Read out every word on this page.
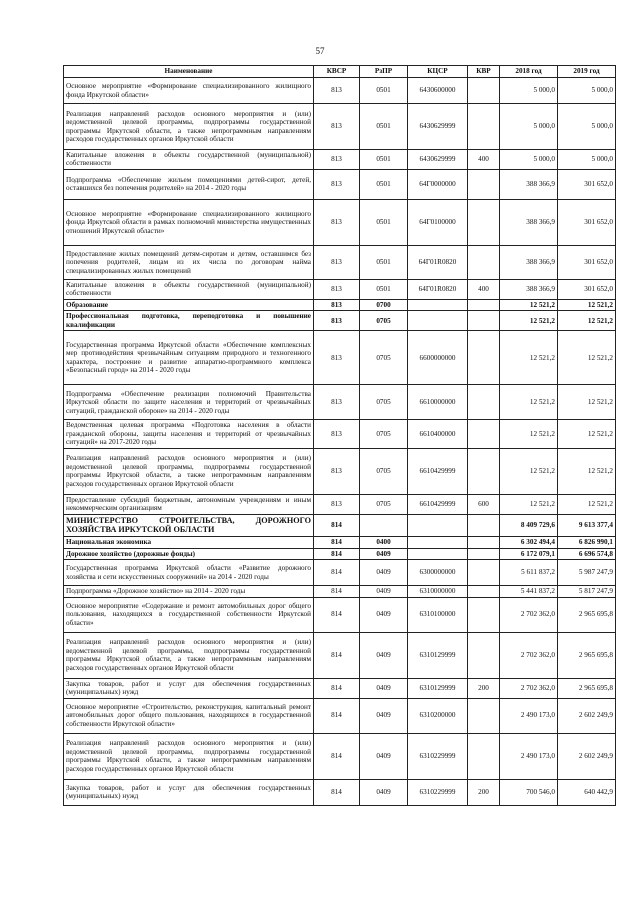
57
Наименование	КВСР	РзПР	КЦСР	КВР	2018 год	2019 год
Основное мероприятие «Формирование специализированного жилищного фонда Иркутской области»	813	0501	6430600000		5 000,0	5 000,0
Реализация направлений расходов основного мероприятия и (или) ведомственной целевой программы, подпрограммы государственной программы Иркутской области, а также непрограммным направлениям расходов государственных органов Иркутской области	813	0501	6430629999		5 000,0	5 000,0
Капитальные вложения в объекты государственной (муниципальной) собственности	813	0501	6430629999	400	5 000,0	5 000,0
Подпрограмма «Обеспечение жильем помещениями детей-сирот, детей, оставшихся без попечения родителей» на 2014 - 2020 годы	813	0501	64Г0000000		388 366,9	301 652,0
Основное мероприятие «Формирование специализированного жилищного фонда Иркутской области в рамках полномочий министерства имущественных отношений Иркутской области»	813	0501	64Г0100000		388 366,9	301 652,0
Предоставление жилых помещений детям-сиротам и детям, оставшимся без попечения родителей, лицам из их числа по договорам найма специализированных жилых помещений	813	0501	64Г01R0820		388 366,9	301 652,0
Капитальные вложения в объекты государственной (муниципальной) собственности	813	0501	64Г01R0820	400	388 366,9	301 652,0
Образование	813	0700			12 521,2	12 521,2
Профессиональная подготовка, переподготовка и повышение квалификации	813	0705			12 521,2	12 521,2
Государственная программа Иркутской области «Обеспечение комплексных мер противодействия чрезвычайным ситуациям природного и техногенного характера, построение и развитие аппаратно-программного комплекса «Безопасный город» на 2014 - 2020 годы	813	0705	6600000000		12 521,2	12 521,2
Подпрограмма «Обеспечение реализации полномочий Правительства Иркутской области по защите населения и территорий от чрезвычайных ситуаций, гражданской обороне» на 2014 - 2020 годы	813	0705	6610000000		12 521,2	12 521,2
Ведомственная целевая программа «Подготовка населения в области гражданской обороны, защиты населения и территорий от чрезвычайных ситуаций» на 2017-2020 годы	813	0705	6610400000		12 521,2	12 521,2
Реализация направлений расходов основного мероприятия и (или) ведомственной целевой программы, подпрограммы государственной программы Иркутской области, а также непрограммным направлениям расходов государственных органов Иркутской области	813	0705	6610429999		12 521,2	12 521,2
Предоставление субсидий бюджетным, автономным учреждениям и иным некоммерческим организациям	813	0705	6610429999	600	12 521,2	12 521,2
МИНИСТЕРСТВО СТРОИТЕЛЬСТВА, ДОРОЖНОГО ХОЗЯЙСТВА ИРКУТСКОЙ ОБЛАСТИ	814				8 409 729,6	9 613 377,4
Национальная экономика	814	0400			6 302 494,4	6 826 990,1
Дорожное хозяйство (дорожные фонды)	814	0409			6 172 079,1	6 696 574,8
Государственная программа Иркутской области «Развитие дорожного хозяйства и сети искусственных сооружений» на 2014 - 2020 годы	814	0409	6300000000		5 611 837,2	5 987 247,9
Подпрограмма «Дорожное хозяйство» на 2014 - 2020 годы	814	0409	6310000000		5 441 837,2	5 817 247,9
Основное мероприятие «Содержание и ремонт автомобильных дорог общего пользования, находящихся в государственной собственности Иркутской области»	814	0409	6310100000		2 702 362,0	2 965 695,8
Реализация направлений расходов основного мероприятия и (или) ведомственной целевой программы, подпрограммы государственной программы Иркутской области, а также непрограммным направлениям расходов государственных органов Иркутской области	814	0409	6310129999		2 702 362,0	2 965 695,8
Закупка товаров, работ и услуг для обеспечения государственных (муниципальных) нужд	814	0409	6310129999	200	2 702 362,0	2 965 695,8
Основное мероприятие «Строительство, реконструкция, капитальный ремонт автомобильных дорог общего пользования, находящихся в государственной собственности Иркутской области»	814	0409	6310200000		2 490 173,0	2 602 249,9
Реализация направлений расходов основного мероприятия и (или) ведомственной целевой программы, подпрограммы государственной программы Иркутской области, а также непрограммным направлениям расходов государственных органов Иркутской области	814	0409	6310229999		2 490 173,0	2 602 249,9
Закупка товаров, работ и услуг для обеспечения государственных (муниципальных) нужд	814	0409	6310229999	200	700 546,0	640 442,9
